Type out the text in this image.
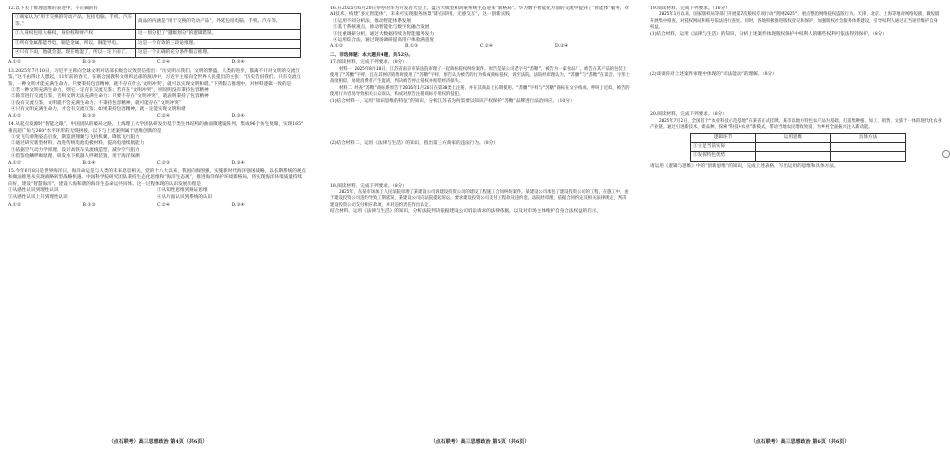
12.以下关于推理思维的表述中，不正确的有

①商家认为“用于交换的劳动产品，包括电脑、手机、汽车等。”	商品的内涵是“用于交换的劳动产品”，外延包括电脑、手机、汽车等。
②人身权包括人格权、身份权和财产权	这一划分犯了“越级划分”的逻辑错误。
③所有金属都能导电，铜是金属，所以，铜能导电。	这是一个有效的三段论推理。
④只有下雨，地就会湿。现在地湿了，所以一定下雨了。	这是一个正确的充分条件假言推理。
A.①②	B.①③	C.②④	D.③④

13.2025年7月10日，习近平主席向全球文明对话部长级会议致贺信指出：“历史明示我们，文明的繁盛、人类的进步，都离不开对文明的交流互鉴。”这不由得让人想起，11年前的春天，在联合国教科文组织总部的演讲中，习近平主席向全世界人民提出的主张：“历史告诉我们，只有交流互鉴，一种文明才能充满生命力。只要秉持包容精神，就不存在什么‘文明冲突’，就可以实现文明和谐。”下列假言推理中，对材料逻辑一致的是

①若一种文明充满生命力，则它一定存在交流互鉴；若存在“文明冲突”，则说明没有秉持包容精神

②除非进行交流互鉴，否则文明无法充满生命力；只要不存在“文明冲突”，就表明秉持了包容精神

③没有交流互鉴，文明就不会充满生命力；不秉持包容精神，就可能存在“文明冲突”

④只有文明充满生命力，才会有交流互鉴；如果秉持包容精神，就一定能实现文明和谐

A.①②	B.①③	C.②④	D.③④

14.从起点发源时“智能之眼”，中国团队的破局之路。上海理工大学团队研发出基于类生体结构的曲面微透镜阵列，集成96个仿生复眼，实现165°垂直超广角与360°水平环形的无缝拼接，以下与上述案例属于思维创新的是

①受飞鸟滑翔姿态启发，制造滑翔翼与飞机机翼，降低飞行阻力

②通过研究新型材料，改进传统电池电极材料，提高电池续航能力

③依据空气动力学原理，设计高铁车头流线造型，减少空气阻力

④借鉴鱼鳞呼吸原理，研发水下机器人呼吸装置，用于海洋探测

A.①②	B.①④	C.②③	D.③④

15.今年6月8日是世界海洋日，海洋命运是与人类的未来息息相关。党的十八大以来，我国向海图强，实施新时代海洋强国战略，以长期系统的观点和做法推进从实现战略转型战略机遇。中国科学院研究团队秉持生态化思维和“海洋生态观”，推进海洋保护环境新格局，将实现海洋环境质量持续向好，建设“智慧海洋”，建设人海和谐的海洋生态命运共同体。这一过程体现的认识发展历程是

①从感性认识到理性认识	②从知性思维到辩证思维
③从感性认识上升到理性认识	④从片面认识到系统的认识
A.①②	B.①③	C.②④	D.③④

16.在2025年6月20日举办的华为开发者大会上，盘古大模型和鸿蒙系统生态迎来“新格局”。华为数字智能化方面的交流中提到了“智能体”服务，对AI技术、构建“多元智能体”，未来可实现服务场景“即点即用、无感交互”。这一创新实践

①运用不同分析法，推动智能体系发展

②基于系统观点，推动智能化与数字化融合发展

③注重调研分析，通过大数据持续为智能服务发力

④运用综合法，通过现场调研提高用户体验满意度

A.①②	B.①③	C.②④	D.③④

二、非选择题：本大题共4题，共52分。

17.阅读材料，完成下列要求。（8分）

材料一 2025年8月10日，江苏省南京市某法院审理了一起商标侵权纠纷案件。原告是某公司老字号“苏糖”，被告为一家食品厂。被告在其产品的包装上使用了“苏醣”字样，且在其网店销售时使用了“苏糖”字样，原告认为被告的行为构成商标侵权，诉至法院。法院经审理认为，“苏醣”与“苏糖”在读音、字形上高度相似，易使消费者产生混淆，判决被告停止侵权并赔偿经济损失。

材料二 经查“苏糖”商标系原告于2016年1月26日在第30类上注册，并在其商品上长期使用。“苏醣”字样与“苏糖”商标在文字构成、呼叫上近似，被告的使用行为容易导致相关公众误认，构成对原告注册商标专用权的侵犯。

(1)结合材料一，运用“知识思维的特征”的知识，分析江苏省为何需要以知识产权保护“苏糖”品牌进行法治回应。（10分）

(2)结合材料二，运用《法律与生活》的知识，指出第三方商家的违法行为。（8分）

18.阅读材料，完成下列要求。（8分）

2025年，东某市场加工人民法院审理了某建设公司诉建设投资公司的建设工程施工合同纠纷案件。某建设公司承包了建设投资公司的工程，在施工中，由于建设投资公司违约导致工期延误，某建设公司向法院提起诉讼，要求建设投资公司支付工程款及违约金。法院经审理，依据合同约定及相关法律规定，判决建设投资公司支付相应款项，并对违约责任作出认定。

结合材料，运用《法律与生活》的知识，分析法院判决依据建设公司诉讼请求的法律依据，以及对市场主体维护自身合法权益的启示。

19.阅读材料，完成下列要求。（16分）

2025年1月以来，国家版权局等部门开展第7次版权专项行动“剑网2025”，重点整治网络侵权盗版行为。天津、北京、上海等地对网络短剧、微短剧开展集中排查，对侵权网站和账号依法进行查处。同时，各地积极推进版权登记和保护，加强版权社会服务体系建设，引导权利人通过正当途径维护自身权益。

(1)结合材料，运用《法律与生活》的知识，分析上述案件体现版权保护中权利人的哪些权利可依法得到保护。（8分）

(2)谈谈你对上述案件审理中体现的“司法能动”的理解。（8分）

20.阅读材料，完成下列要求。（8分）

2025年7月2日，全国首个“农业科技示范基地”在某省正式挂牌。某市以地方特色农产品为基础，打造集种植、加工、销售、文旅于一体的现代化农业产业链。通过引进新技术、新品种，探索“科技+农业”新模式，带动当地农民增收致富，为乡村全面振兴注入新动能。

逻辑环节	运用思维	具体方法
①立足当前实际		
②发挥特色优势		

请运用《逻辑与思维》中的“创新思维”的知识，完成上述表格，写出运用的思维和具体方法。

（点石联考）高三思想政治 第4页（共6页）	（点石联考）高三思想政治 第5页（共6页）	（点石联考）高三思想政治 第6页（共6页）
